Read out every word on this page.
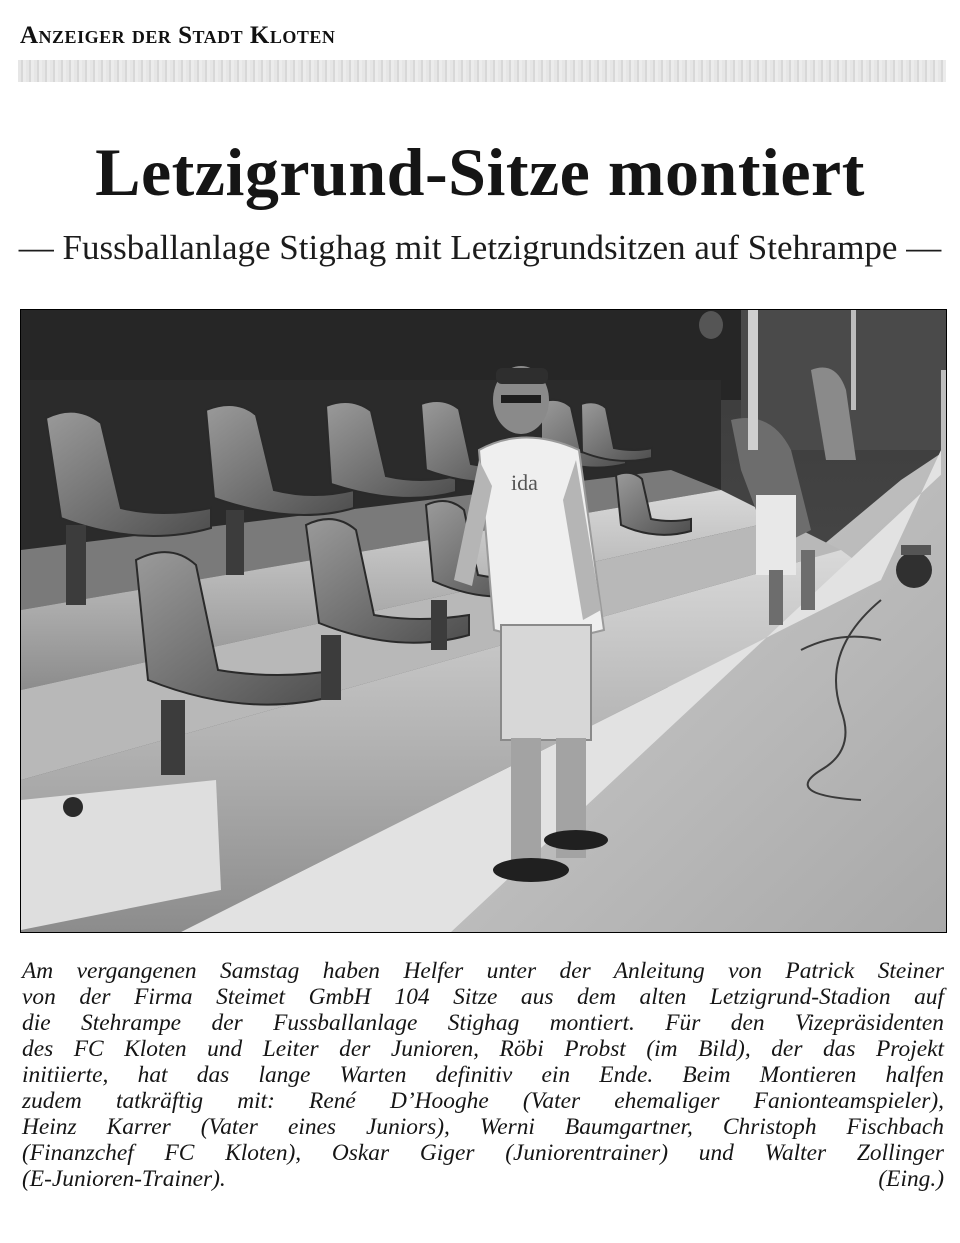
Anzeiger der Stadt Kloten
Letzigrund-Sitze montiert
— Fussballanlage Stighag mit Letzigrundsitzen auf Stehrampe —
ida
Am vergangenen Samstag haben Helfer unter der Anleitung von Patrick Steiner
von der Firma Steimet GmbH 104 Sitze aus dem alten Letzigrund-Stadion auf
die Stehrampe der Fussballanlage Stighag montiert. Für den Vizepräsidenten
des FC Kloten und Leiter der Junioren, Röbi Probst (im Bild), der das Projekt
initiierte, hat das lange Warten definitiv ein Ende. Beim Montieren halfen
zudem tatkräftig mit: René D’Hooghe (Vater ehemaliger Fanionteamspieler),
Heinz Karrer (Vater eines Juniors), Werni Baumgartner, Christoph Fischbach
(Finanzchef FC Kloten), Oskar Giger (Juniorentrainer) und Walter Zollinger
(E-Junioren-Trainer).	(Eing.)
